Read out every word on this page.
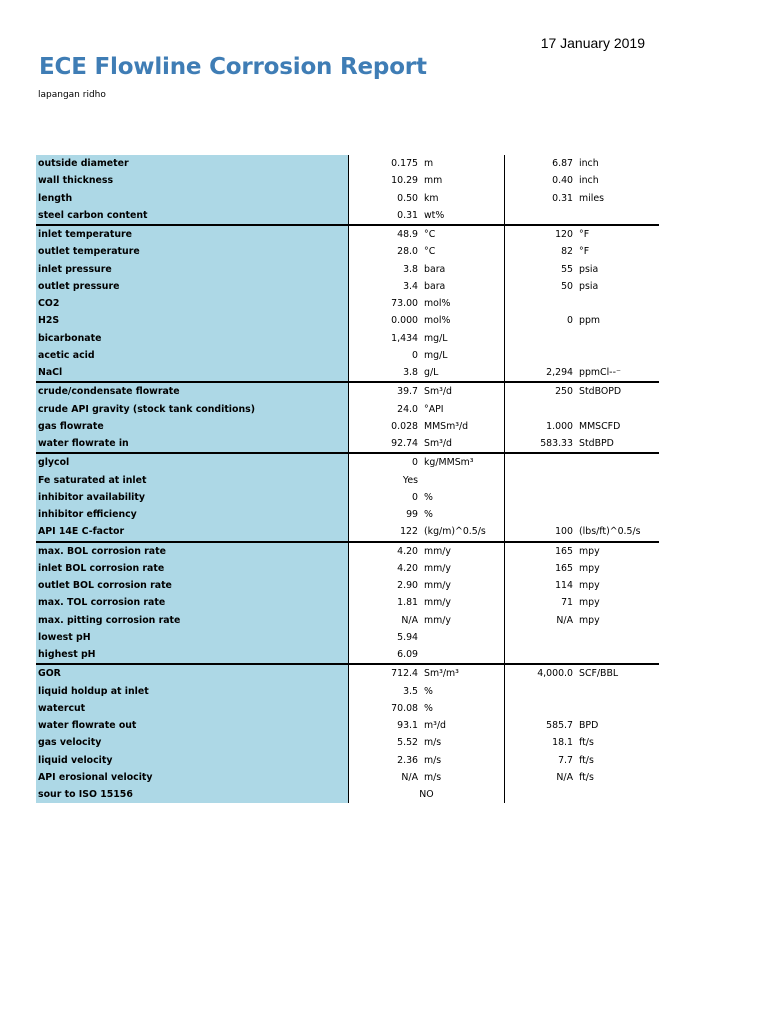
17 January 2019
ECE Flowline Corrosion Report
lapangan ridho
outside diameter	0.175	m	6.87	inch
wall thickness	10.29	mm	0.40	inch
length	0.50	km	0.31	miles
steel carbon content	0.31	wt%		
inlet temperature	48.9	°C	120	°F
outlet temperature	28.0	°C	82	°F
inlet pressure	3.8	bara	55	psia
outlet pressure	3.4	bara	50	psia
CO2	73.00	mol%		
H2S	0.000	mol%	0	ppm
bicarbonate	1,434	mg/L		
acetic acid	0	mg/L		
NaCl	3.8	g/L	2,294	ppmCl--⁻
crude/condensate flowrate	39.7	Sm³/d	250	StdBOPD
crude API gravity (stock tank conditions)	24.0	°API		
gas flowrate	0.028	MMSm³/d	1.000	MMSCFD
water flowrate in	92.74	Sm³/d	583.33	StdBPD
glycol	0	kg/MMSm³		
Fe saturated at inlet	Yes			
inhibitor availability	0	%		
inhibitor efficiency	99	%		
API 14E C-factor	122	(kg/m)^0.5/s	100	(lbs/ft)^0.5/s
max. BOL corrosion rate	4.20	mm/y	165	mpy
inlet BOL corrosion rate	4.20	mm/y	165	mpy
outlet BOL corrosion rate	2.90	mm/y	114	mpy
max. TOL corrosion rate	1.81	mm/y	71	mpy
max. pitting corrosion rate	N/A	mm/y	N/A	mpy
lowest pH	5.94			
highest pH	6.09			
GOR	712.4	Sm³/m³	4,000.0	SCF/BBL
liquid holdup at inlet	3.5	%		
watercut	70.08	%		
water flowrate out	93.1	m³/d	585.7	BPD
gas velocity	5.52	m/s	18.1	ft/s
liquid velocity	2.36	m/s	7.7	ft/s
API erosional velocity	N/A	m/s	N/A	ft/s
sour to ISO 15156	NO			
